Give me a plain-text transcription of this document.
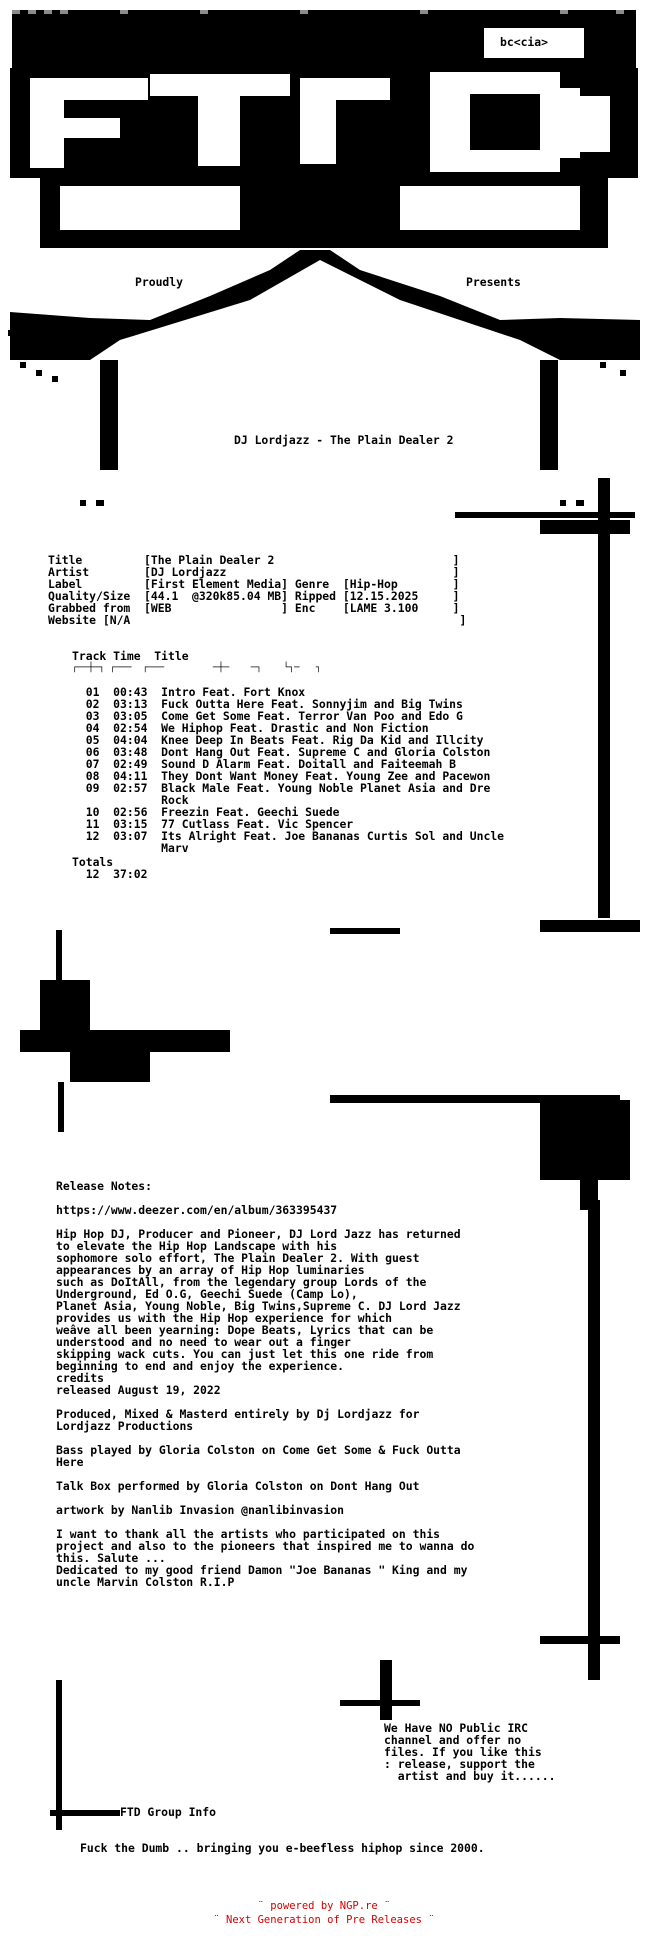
bc<cia>
Proudly	Presents
DJ Lordjazz - The Plain Dealer 2
Title         [The Plain Dealer 2                          ]
Artist        [DJ Lordjazz                                 ]
Label         [First Element Media] Genre  [Hip-Hop        ]
Quality/Size  [44.1  @320k85.04 MB] Ripped [12.15.2025     ]
Grabbed from  [WEB                ] Enc    [LAME 3.100     ]
Website [N/A                                                ]
Track Time  Title
┌──┼─┐ ┌───  ┌───         ─┼─    ─┐    └┐─   ┐
01  00:43  Intro Feat. Fort Knox
02  03:13  Fuck Outta Here Feat. Sonnyjim and Big Twins
03  03:05  Come Get Some Feat. Terror Van Poo and Edo G
04  02:54  We Hiphop Feat. Drastic and Non Fiction
05  04:04  Knee Deep In Beats Feat. Rig Da Kid and Illcity
06  03:48  Dont Hang Out Feat. Supreme C and Gloria Colston
07  02:49  Sound D Alarm Feat. Doitall and Faiteemah B
08  04:11  They Dont Want Money Feat. Young Zee and Pacewon
09  02:57  Black Male Feat. Young Noble Planet Asia and Dre
Rock
10  02:56  Freezin Feat. Geechi Suede
11  03:15  77 Cutlass Feat. Vic Spencer
12  03:07  Its Alright Feat. Joe Bananas Curtis Sol and Uncle
Marv
Totals
12  37:02
Release Notes:
https://www.deezer.com/en/album/363395437
Hip Hop DJ, Producer and Pioneer, DJ Lord Jazz has returned
to elevate the Hip Hop Landscape with his
sophomore solo effort, The Plain Dealer 2. With guest
appearances by an array of Hip Hop luminaries
such as DoItAll, from the legendary group Lords of the
Underground, Ed O.G, Geechi Suede (Camp Lo),
Planet Asia, Young Noble, Big Twins,Supreme C. DJ Lord Jazz
provides us with the Hip Hop experience for which
weâve all been yearning: Dope Beats, Lyrics that can be
understood and no need to wear out a finger
skipping wack cuts. You can just let this one ride from
beginning to end and enjoy the experience.
credits
released August 19, 2022
Produced, Mixed & Masterd entirely by Dj Lordjazz for
Lordjazz Productions
Bass played by Gloria Colston on Come Get Some & Fuck Outta
Here
Talk Box performed by Gloria Colston on Dont Hang Out
artwork by Nanlib Invasion @nanlibinvasion
I want to thank all the artists who participated on this
project and also to the pioneers that inspired me to wanna do
this. Salute ...
Dedicated to my good friend Damon "Joe Bananas " King and my
uncle Marvin Colston R.I.P
We Have NO Public IRC
channel and offer no
files. If you like this
: release, support the
artist and buy it......
FTD Group Info
Fuck the Dumb .. bringing you e-beefless hiphop since 2000.
¨ powered by NGP.re ¨
¨ Next Generation of Pre Releases ¨
